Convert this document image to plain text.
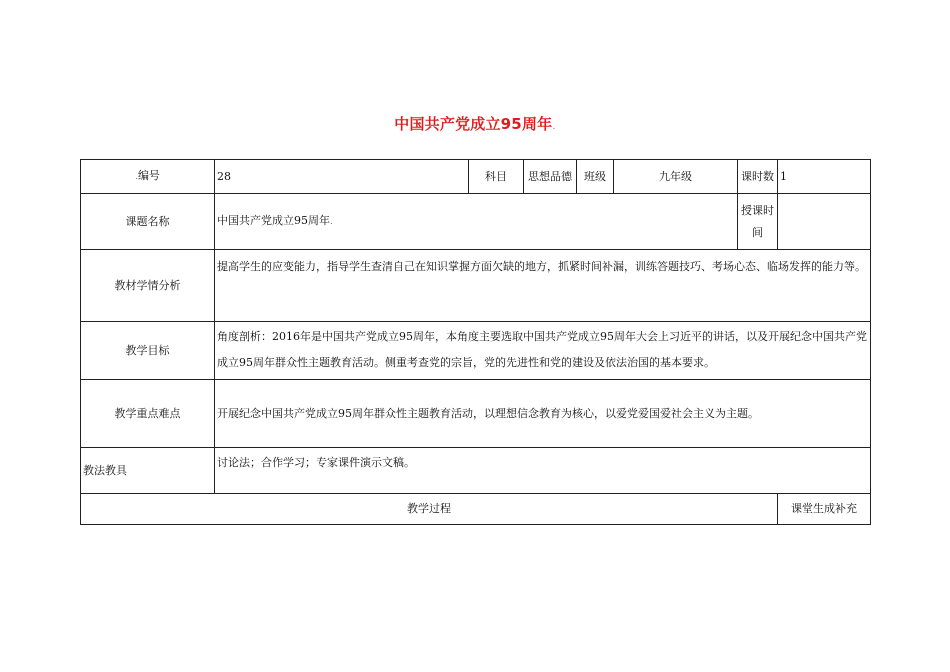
中国共产党成立95周年.
.编号	28	科目	思想品德	班级	九年级	课时数	1
课题名称	中国共产党成立95周年.					授课时
间	

教材学情分析	提高学生的应变能力，指导学生查清自己在知识掌握方面欠缺的地方，抓紧时间补漏，训练答题技巧、考场心态、临场发挥的能力等。						
教学目标	角度剖析：2016年是中国共产党成立95周年，本角度主要选取中国共产党成立95周年大会上习近平的讲话，以及开展纪念中国共产党成立95周年群众性主题教育活动。侧重考查党的宗旨，党的先进性和党的建设及依法治国的基本要求。						
教学重点难点	开展纪念中国共产党成立95周年群众性主题教育活动，以理想信念教育为核心，以爱党爱国爱社会主义为主题。						
教法教具	讨论法；合作学习；专家课件演示文稿。						
教学过程							课堂生成补充
